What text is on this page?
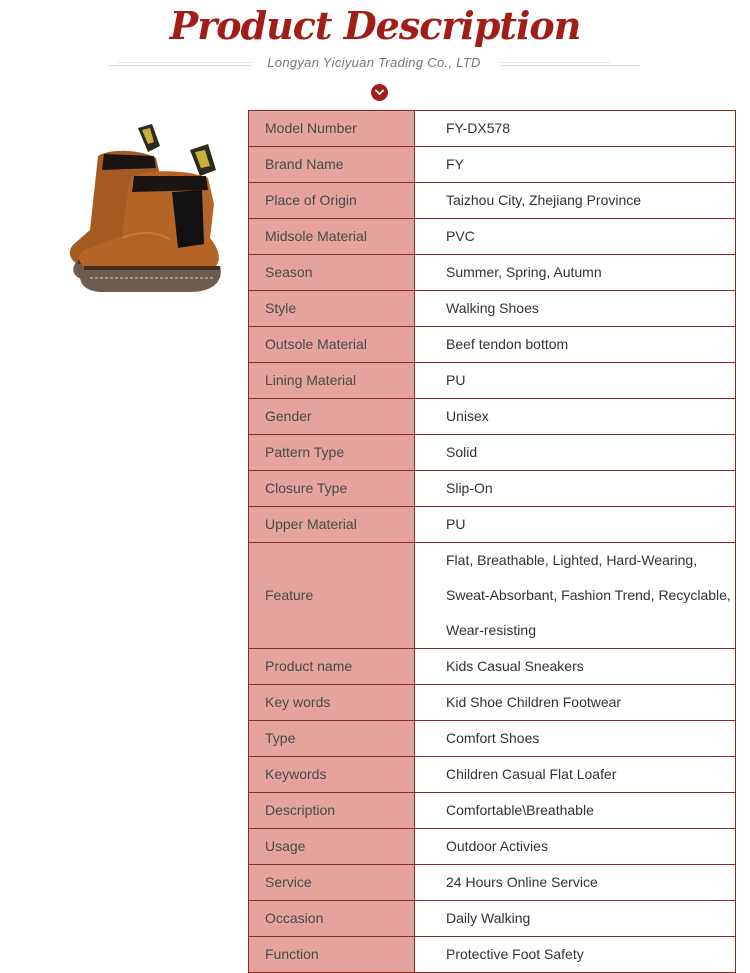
Product Description
Longyan Yiciyuan Trading Co., LTD
Model Number	FY-DX578
Brand Name	FY
Place of Origin	Taizhou City, Zhejiang Province
Midsole Material	PVC
Season	Summer, Spring, Autumn
Style	Walking Shoes
Outsole Material	Beef tendon bottom
Lining Material	PU
Gender	Unisex
Pattern Type	Solid
Closure Type	Slip-On
Upper Material	PU
Feature	Flat, Breathable, Lighted, Hard-Wearing, Sweat-Absorbant, Fashion Trend, Recyclable, Wear-resisting
Product name	Kids Casual Sneakers
Key words	Kid Shoe Children Footwear
Type	Comfort Shoes
Keywords	Children Casual Flat Loafer
Description	Comfortable\Breathable
Usage	Outdoor Activies
Service	24 Hours Online Service
Occasion	Daily Walking
Function	Protective Foot Safety
